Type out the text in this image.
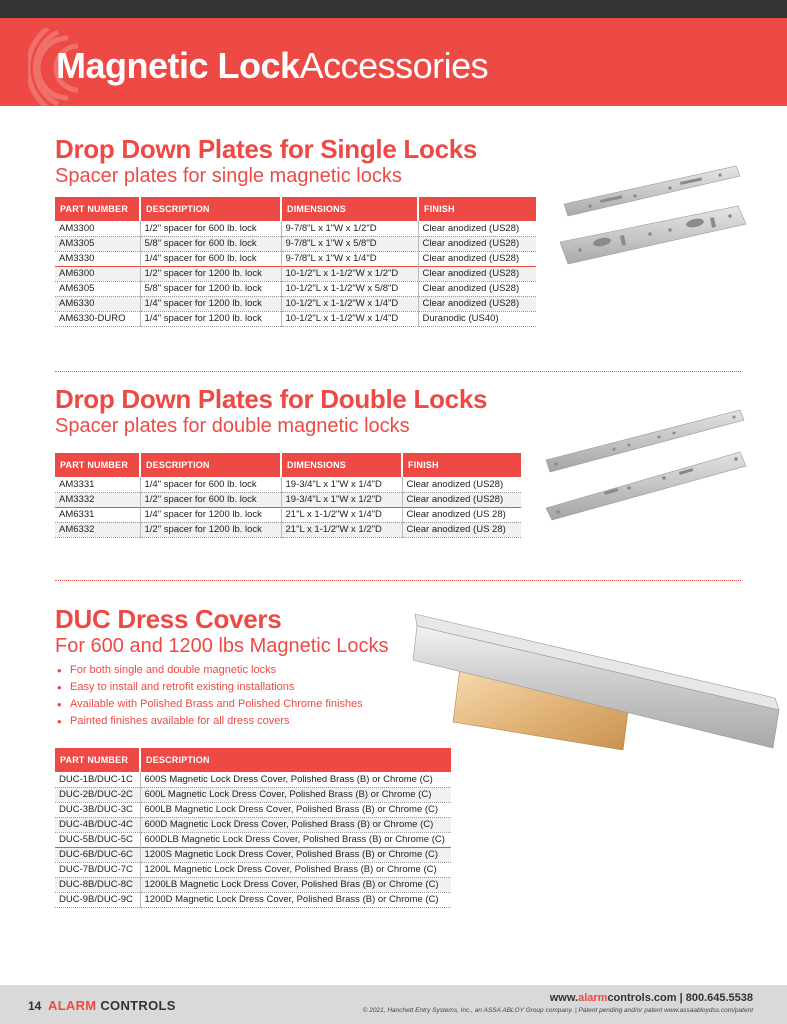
Magnetic LockAccessories
Drop Down Plates for Single Locks
Spacer plates for single magnetic locks
PART NUMBER	DESCRIPTION	DIMENSIONS	FINISH
AM3300	1/2" spacer for 600 lb. lock	9-7/8"L x 1"W x 1/2"D	Clear anodized (US28)
AM3305	5/8" spacer for 600 lb. lock	9-7/8"L x 1"W x 5/8"D	Clear anodized (US28)
AM3330	1/4" spacer for 600 lb. lock	9-7/8"L x 1"W x 1/4"D	Clear anodized (US28)
AM6300	1/2" spacer for 1200 lb. lock	10-1/2"L x 1-1/2"W x 1/2"D	Clear anodized (US28)
AM6305	5/8" spacer for 1200 lb. lock	10-1/2"L x 1-1/2"W x 5/8"D	Clear anodized (US28)
AM6330	1/4" spacer for 1200 lb. lock	10-1/2"L x 1-1/2"W x 1/4"D	Clear anodized (US28)
AM6330-DURO	1/4" spacer for 1200 lb. lock	10-1/2"L x 1-1/2"W x 1/4"D	Duranodic (US40)
Drop Down Plates for Double Locks
Spacer plates for double magnetic locks
PART NUMBER	DESCRIPTION	DIMENSIONS	FINISH
AM3331	1/4" spacer for 600 lb. lock	19-3/4"L x 1"W x 1/4"D	Clear anodized (US28)
AM3332	1/2" spacer for 600 lb. lock	19-3/4"L x 1"W x 1/2"D	Clear anodized (US28)
AM6331	1/4" spacer for 1200 lb. lock	21"L x 1-1/2"W x 1/4"D	Clear anodized (US 28)
AM6332	1/2" spacer for 1200 lb. lock	21"L x 1-1/2"W x 1/2"D	Clear anodized (US 28)
DUC Dress Covers
For 600 and 1200 lbs Magnetic Locks
• For both single and double magnetic locks
• Easy to install and retrofit existing installations
• Available with Polished Brass and Polished Chrome finishes
• Painted finishes available for all dress covers
PART NUMBER	DESCRIPTION
DUC-1B/DUC-1C	600S Magnetic Lock Dress Cover, Polished Brass (B) or Chrome (C)
DUC-2B/DUC-2C	600L Magnetic Lock Dress Cover, Polished Brass (B) or Chrome (C)
DUC-3B/DUC-3C	600LB Magnetic Lock Dress Cover, Polished Brass (B) or Chrome (C)
DUC-4B/DUC-4C	600D Magnetic Lock Dress Cover, Polished Brass (B) or Chrome (C)
DUC-5B/DUC-5C	600DLB Magnetic Lock Dress Cover, Polished Brass (B) or Chrome (C)
DUC-6B/DUC-6C	1200S Magnetic Lock Dress Cover, Polished Brass (B) or Chrome (C)
DUC-7B/DUC-7C	1200L Magnetic Lock Dress Cover, Polished Brass (B) or Chrome (C)
DUC-8B/DUC-8C	1200LB Magnetic Lock Dress Cover, Polished Bras (B) or Chrome (C)
DUC-9B/DUC-9C	1200D Magnetic Lock Dress Cover, Polished Brass (B) or Chrome (C)
14 ALARM CONTROLS	www.alarmcontrols.com | 800.645.5538
© 2021, Hanchett Entry Systems, Inc., an ASSA ABLOY Group company. | Patent pending and/or patent www.assaabloydss.com/patent
